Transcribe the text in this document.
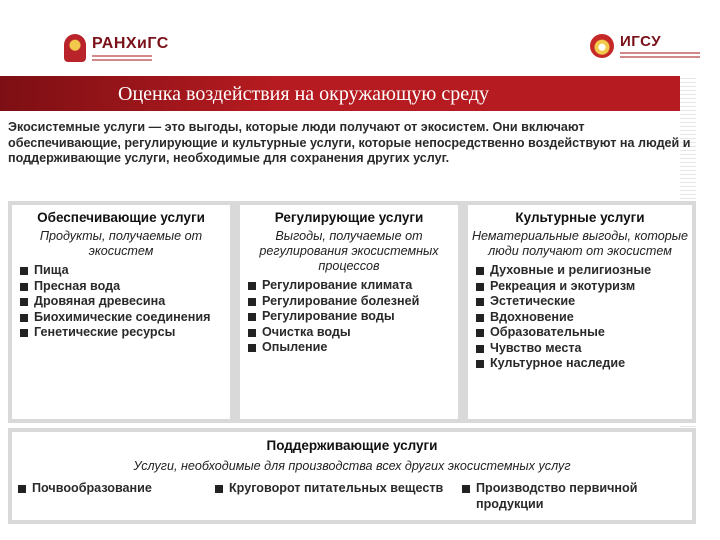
РАНХиГС	ИГСУ
Оценка воздействия на окружающую среду
Экосистемные услуги — это выгоды, которые люди получают от экосистем. Они включают обеспечивающие, регулирующие и культурные услуги, которые непосредственно воздействуют на людей и поддерживающие услуги, необходимые для сохранения других услуг.
Обеспечивающие услуги
Продукты, получаемые от экосистем
Пища
Пресная вода
Дровяная древесина
Биохимические соединения
Генетические ресурсы
Регулирующие услуги
Выгоды, получаемые от регулирования экосистемных процессов
Регулирование климата
Регулирование болезней
Регулирование воды
Очистка воды
Опыление
Культурные услуги
Нематериальные выгоды, которые люди получают от экосистем
Духовные и религиозные
Рекреация и экотуризм
Эстетические
Вдохновение
Образовательные
Чувство места
Культурное наследие
Поддерживающие услуги
Услуги, необходимые для производства всех других экосистемных услуг
Почвообразование	Круговорот питательных веществ	Производство первичной продукции
